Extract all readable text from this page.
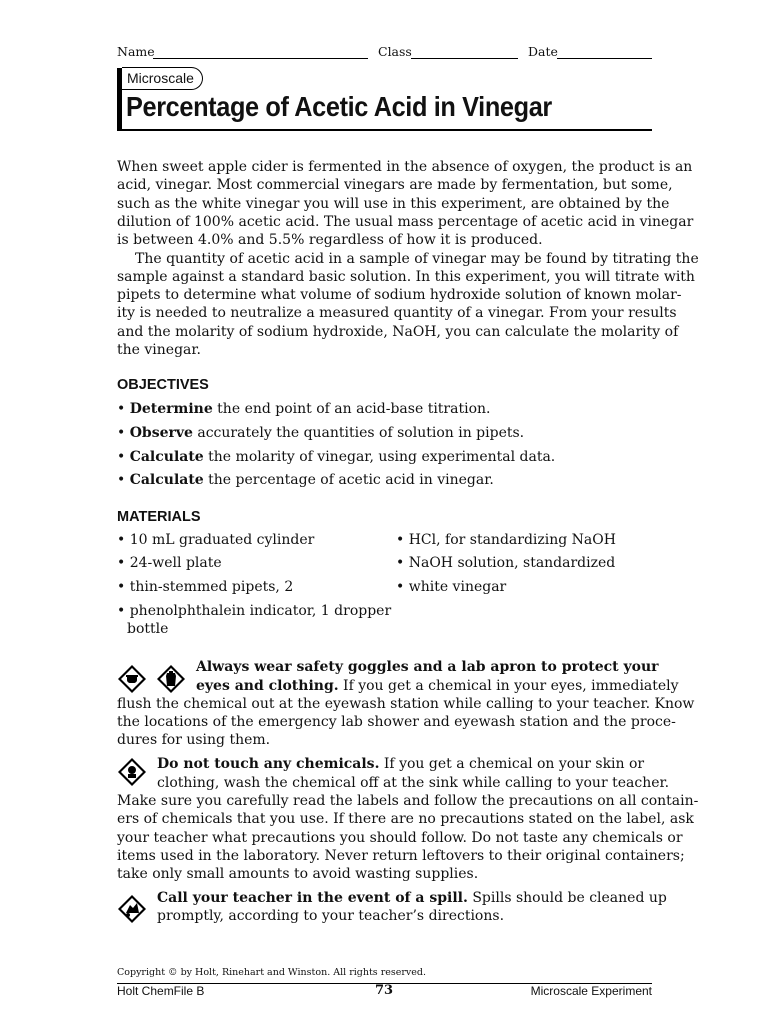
Name	Class	Date
Microscale
Percentage of Acetic Acid in Vinegar
When sweet apple cider is fermented in the absence of oxygen, the product is an
acid, vinegar. Most commercial vinegars are made by fermentation, but some,
such as the white vinegar you will use in this experiment, are obtained by the
dilution of 100% acetic acid. The usual mass percentage of acetic acid in vinegar
is between 4.0% and 5.5% regardless of how it is produced.
The quantity of acetic acid in a sample of vinegar may be found by titrating the
sample against a standard basic solution. In this experiment, you will titrate with
pipets to determine what volume of sodium hydroxide solution of known molar-
ity is needed to neutralize a measured quantity of a vinegar. From your results
and the molarity of sodium hydroxide, NaOH, you can calculate the molarity of
the vinegar.
OBJECTIVES
• Determine the end point of an acid-base titration.
• Observe accurately the quantities of solution in pipets.
• Calculate the molarity of vinegar, using experimental data.
• Calculate the percentage of acetic acid in vinegar.
MATERIALS
• 10 mL graduated cylinder
• 24-well plate
• thin-stemmed pipets, 2
• phenolphthalein indicator, 1 dropper
bottle
• HCl, for standardizing NaOH
• NaOH solution, standardized
• white vinegar
Always wear safety goggles and a lab apron to protect your
eyes and clothing. If you get a chemical in your eyes, immediately
flush the chemical out at the eyewash station while calling to your teacher. Know
the locations of the emergency lab shower and eyewash station and the proce-
dures for using them.
Do not touch any chemicals. If you get a chemical on your skin or
clothing, wash the chemical off at the sink while calling to your teacher.
Make sure you carefully read the labels and follow the precautions on all contain-
ers of chemicals that you use. If there are no precautions stated on the label, ask
your teacher what precautions you should follow. Do not taste any chemicals or
items used in the laboratory. Never return leftovers to their original containers;
take only small amounts to avoid wasting supplies.
Call your teacher in the event of a spill. Spills should be cleaned up
promptly, according to your teacher’s directions.
Copyright © by Holt, Rinehart and Winston. All rights reserved.
Holt ChemFile B	73	Microscale Experiment
